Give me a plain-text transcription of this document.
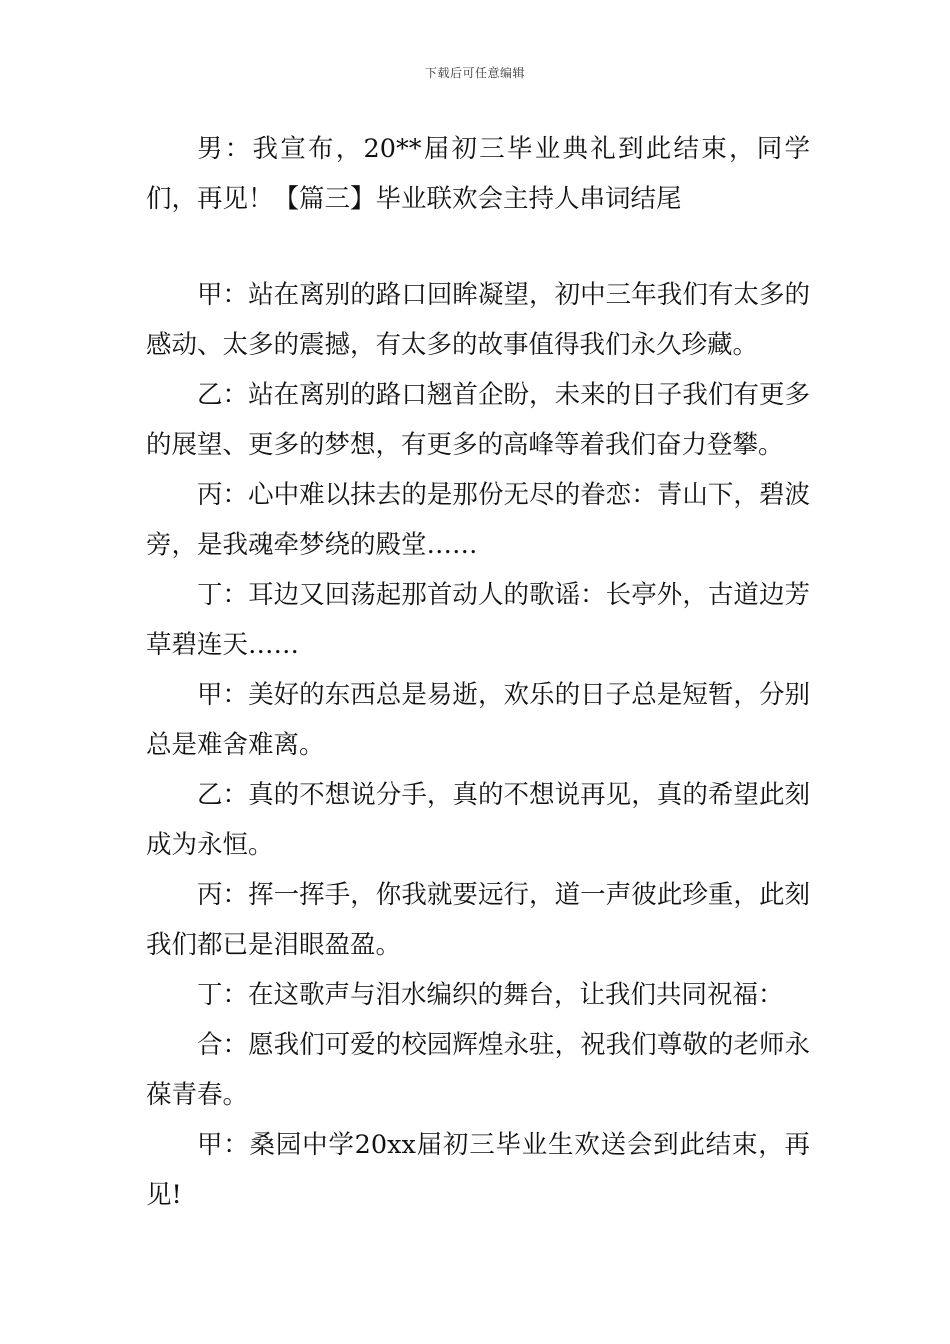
下载后可任意编辑

男：我宣布，20**届初三毕业典礼到此结束，同学们，再见！【篇三】毕业联欢会主持人串词结尾

甲：站在离别的路口回眸凝望，初中三年我们有太多的感动、太多的震撼，有太多的故事值得我们永久珍藏。

乙：站在离别的路口翘首企盼，未来的日子我们有更多的展望、更多的梦想，有更多的高峰等着我们奋力登攀。

丙：心中难以抹去的是那份无尽的眷恋：青山下，碧波旁，是我魂牵梦绕的殿堂……

丁：耳边又回荡起那首动人的歌谣：长亭外，古道边芳草碧连天……

甲：美好的东西总是易逝，欢乐的日子总是短暂，分别总是难舍难离。

乙：真的不想说分手，真的不想说再见，真的希望此刻成为永恒。

丙：挥一挥手，你我就要远行，道一声彼此珍重，此刻我们都已是泪眼盈盈。

丁：在这歌声与泪水编织的舞台，让我们共同祝福：

合：愿我们可爱的校园辉煌永驻，祝我们尊敬的老师永葆青春。

甲：桑园中学20xx届初三毕业生欢送会到此结束，再见!
